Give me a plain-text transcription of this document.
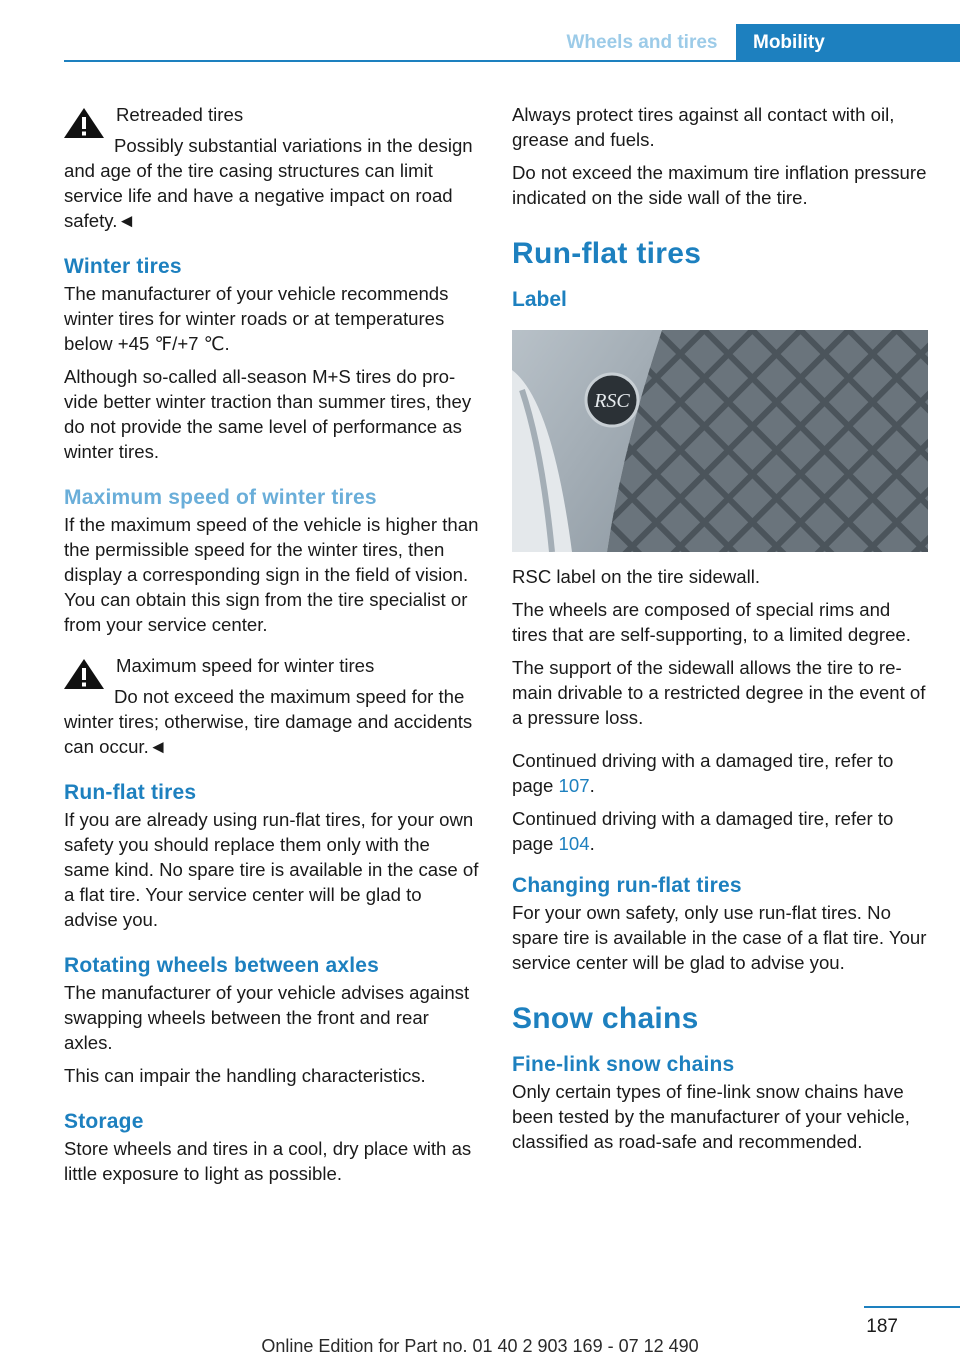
Wheels and tires	Mobility
Retreaded tires
Possibly substantial variations in the design and age of the tire casing structures can limit service life and have a negative impact on road safety.◄
Winter tires

The manufacturer of your vehicle recommends winter tires for winter roads or at temperatures below +45 ℉/+7 ℃.

Although so-called all-season M+S tires do provide better winter traction than summer tires, they do not provide the same level of performance as winter tires.

Maximum speed of winter tires

If the maximum speed of the vehicle is higher than the permissible speed for the winter tires, then display a corresponding sign in the field of vision. You can obtain this sign from the tire specialist or from your service center.

Maximum speed for winter tires
Do not exceed the maximum speed for the winter tires; otherwise, tire damage and accidents can occur.◄
Run-flat tires

If you are already using run-flat tires, for your own safety you should replace them only with the same kind. No spare tire is available in the case of a flat tire. Your service center will be glad to advise you.

Rotating wheels between axles

The manufacturer of your vehicle advises against swapping wheels between the front and rear axles.

This can impair the handling characteristics.

Storage

Store wheels and tires in a cool, dry place with as little exposure to light as possible.

Always protect tires against all contact with oil, grease and fuels.

Do not exceed the maximum tire inflation pressure indicated on the side wall of the tire.

Run-flat tires
Label
RSC

RSC label on the tire sidewall.

The wheels are composed of special rims and tires that are self-supporting, to a limited degree.

The support of the sidewall allows the tire to remain drivable to a restricted degree in the event of a pressure loss.

Continued driving with a damaged tire, refer to page 107.

Continued driving with a damaged tire, refer to page 104.

Changing run-flat tires

For your own safety, only use run-flat tires. No spare tire is available in the case of a flat tire. Your service center will be glad to advise you.

Snow chains
Fine-link snow chains

Only certain types of fine-link snow chains have been tested by the manufacturer of your vehicle, classified as road-safe and recommended.

187
Online Edition for Part no. 01 40 2 903 169 - 07 12 490
